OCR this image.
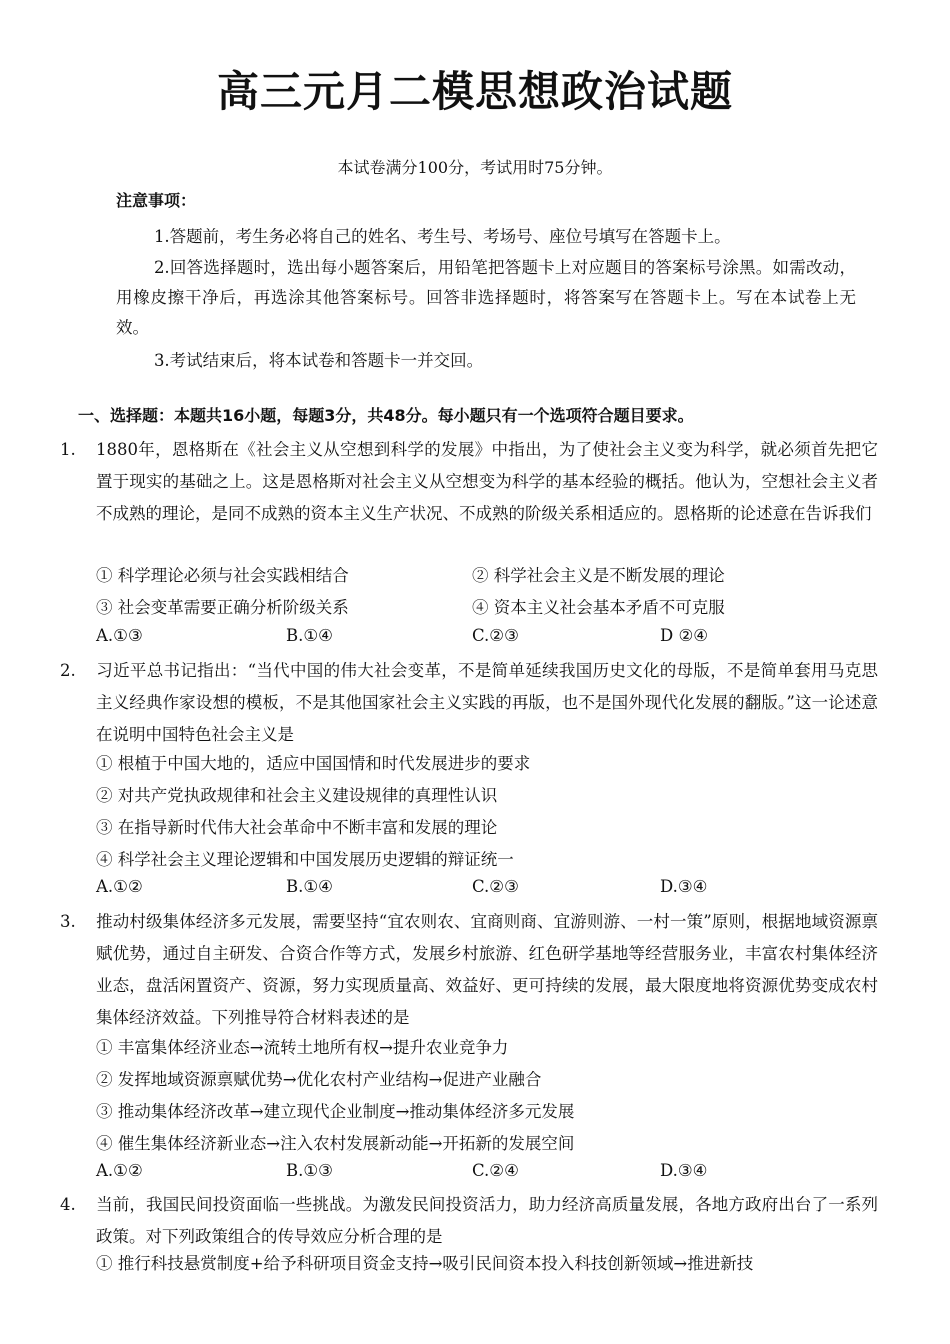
高三元月二模思想政治试题
本试卷满分100分，考试用时75分钟。
注意事项：
1.答题前，考生务必将自己的姓名、考生号、考场号、座位号填写在答题卡上。
2.回答选择题时，选出每小题答案后，用铅笔把答题卡上对应题目的答案标号涂黑。如需改动，用橡皮擦干净后，再选涂其他答案标号。回答非选择题时，将答案写在答题卡上。写在本试卷上无效。
3.考试结束后，将本试卷和答题卡一并交回。
一、选择题：本题共16小题，每题3分，共48分。每小题只有一个选项符合题目要求。
1. 1880年，恩格斯在《社会主义从空想到科学的发展》中指出，为了使社会主义变为科学，就必须首先把它置于现实的基础之上。这是恩格斯对社会主义从空想变为科学的基本经验的概括。他认为，空想社会主义者不成熟的理论，是同不成熟的资本主义生产状况、不成熟的阶级关系相适应的。恩格斯的论述意在告诉我们
① 科学理论必须与社会实践相结合	② 科学社会主义是不断发展的理论
③ 社会变革需要正确分析阶级关系	④ 资本主义社会基本矛盾不可克服
A.①③	B.①④	C.②③	D ②④
2. 习近平总书记指出：“当代中国的伟大社会变革，不是简单延续我国历史文化的母版，不是简单套用马克思主义经典作家设想的模板，不是其他国家社会主义实践的再版，也不是国外现代化发展的翻版。”这一论述意在说明中国特色社会主义是
① 根植于中国大地的，适应中国国情和时代发展进步的要求
② 对共产党执政规律和社会主义建设规律的真理性认识
③ 在指导新时代伟大社会革命中不断丰富和发展的理论
④ 科学社会主义理论逻辑和中国发展历史逻辑的辩证统一
A.①②	B.①④	C.②③	D.③④
3. 推动村级集体经济多元发展，需要坚持“宜农则农、宜商则商、宜游则游、一村一策”原则，根据地域资源禀赋优势，通过自主研发、合资合作等方式，发展乡村旅游、红色研学基地等经营服务业，丰富农村集体经济业态，盘活闲置资产、资源，努力实现质量高、效益好、更可持续的发展，最大限度地将资源优势变成农村集体经济效益。下列推导符合材料表述的是
① 丰富集体经济业态→流转土地所有权→提升农业竞争力
② 发挥地域资源禀赋优势→优化农村产业结构→促进产业融合
③ 推动集体经济改革→建立现代企业制度→推动集体经济多元发展
④ 催生集体经济新业态→注入农村发展新动能→开拓新的发展空间
A.①②	B.①③	C.②④	D.③④
4. 当前，我国民间投资面临一些挑战。为激发民间投资活力，助力经济高质量发展，各地方政府出台了一系列政策。对下列政策组合的传导效应分析合理的是
① 推行科技悬赏制度+给予科研项目资金支持→吸引民间资本投入科技创新领域→推进新技
